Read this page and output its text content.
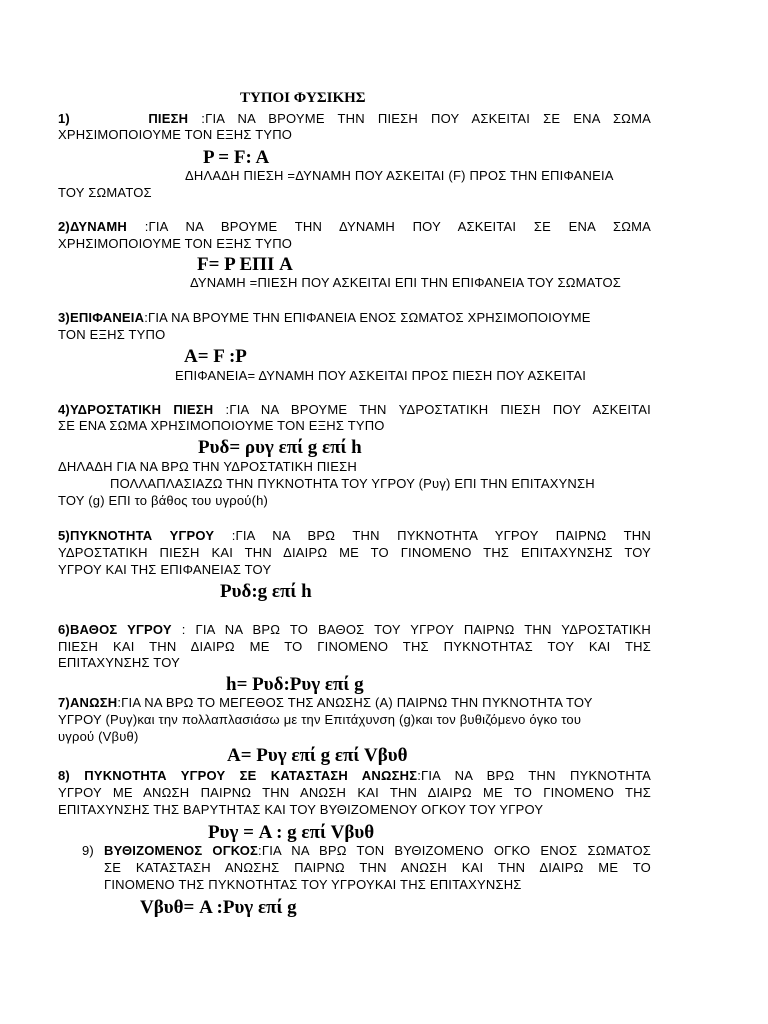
ΤΥΠΟΙ ΦΥΣΙΚΗΣ
1)	ΠΙΕΣΗ :ΓΙΑ ΝΑ ΒΡΟΥΜΕ ΤΗΝ ΠΙΕΣΗ ΠΟΥ ΑΣΚΕΙΤΑΙ ΣΕ ΕΝΑ ΣΩΜΑ
ΧΡΗΣΙΜΟΠΟΙΟΥΜΕ ΤΟΝ ΕΞΗΣ ΤΥΠΟ
P = F: A
ΔΗΛΑΔΗ ΠΙΕΣΗ =ΔΥΝΑΜΗ ΠΟΥ ΑΣΚΕΙΤΑΙ (F) ΠΡΟΣ ΤΗΝ ΕΠΙΦΑΝΕΙΑ
ΤΟΥ ΣΩΜΑΤΟΣ
2)ΔΥΝΑΜΗ :ΓΙΑ ΝΑ ΒΡΟΥΜΕ ΤΗΝ ΔΥΝΑΜΗ ΠΟΥ ΑΣΚΕΙΤΑΙ ΣΕ ΕΝΑ ΣΩΜΑ
ΧΡΗΣΙΜΟΠΟΙΟΥΜΕ ΤΟΝ ΕΞΗΣ ΤΥΠΟ
F= P ΕΠΙ A
ΔΥΝΑΜΗ =ΠΙΕΣΗ ΠΟΥ ΑΣΚΕΙΤΑΙ ΕΠΙ ΤΗΝ ΕΠΙΦΑΝΕΙΑ ΤΟΥ ΣΩΜΑΤΟΣ
3)ΕΠΙΦΑΝΕΙΑ:ΓΙΑ ΝΑ ΒΡΟΥΜΕ ΤΗΝ ΕΠΙΦΑΝΕΙΑ ΕΝΟΣ ΣΩΜΑΤΟΣ ΧΡΗΣΙΜΟΠΟΙΟΥΜΕ
ΤΟΝ ΕΞΗΣ ΤΥΠΟ
A= F :P
ΕΠΙΦΑΝΕΙΑ= ΔΥΝΑΜΗ ΠΟΥ ΑΣΚΕΙΤΑΙ ΠΡΟΣ ΠΙΕΣΗ ΠΟΥ ΑΣΚΕΙΤΑΙ
4)ΥΔΡΟΣΤΑΤΙΚΗ ΠΙΕΣΗ :ΓΙΑ ΝΑ ΒΡΟΥΜΕ ΤΗΝ ΥΔΡΟΣΤΑΤΙΚΗ ΠΙΕΣΗ ΠΟΥ ΑΣΚΕΙΤΑΙ
ΣΕ ΕΝΑ ΣΩΜΑ ΧΡΗΣΙΜΟΠΟΙΟΥΜΕ ΤΟΝ ΕΞΗΣ ΤΥΠΟ
Ρυδ= ρυγ επί g επί h
ΔΗΛΑΔΗ ΓΙΑ ΝΑ ΒΡΩ ΤΗΝ ΥΔΡΟΣΤΑΤΙΚΗ ΠΙΕΣΗ
ΠΟΛΛΑΠΛΑΣΙΑΖΩ ΤΗΝ ΠΥΚΝΟΤΗΤΑ ΤΟΥ ΥΓΡΟΥ (Ρυγ) ΕΠΙ ΤΗΝ ΕΠΙΤΑΧΥΝΣΗ
ΤΟΥ (g) ΕΠΙ το βάθος του υγρού(h)
5)ΠΥΚΝΟΤΗΤΑ ΥΓΡΟΥ :ΓΙΑ ΝΑ ΒΡΩ ΤΗΝ ΠΥΚΝΟΤΗΤΑ ΥΓΡΟΥ ΠΑΙΡΝΩ ΤΗΝ
ΥΔΡΟΣΤΑΤΙΚΗ ΠΙΕΣΗ ΚΑΙ ΤΗΝ ΔΙΑΙΡΩ ΜΕ ΤΟ ΓΙΝΟΜΕΝΟ ΤΗΣ ΕΠΙΤΑΧΥΝΣΗΣ ΤΟΥ
ΥΓΡΟΥ ΚΑΙ ΤΗΣ ΕΠΙΦΑΝΕΙΑΣ ΤΟΥ
Ρυδ:g επί h
6)ΒΑΘΟΣ ΥΓΡΟΥ : ΓΙΑ ΝΑ ΒΡΩ ΤΟ ΒΑΘΟΣ ΤΟΥ ΥΓΡΟΥ ΠΑΙΡΝΩ ΤΗΝ ΥΔΡΟΣΤΑΤΙΚΗ
ΠΙΕΣΗ ΚΑΙ ΤΗΝ ΔΙΑΙΡΩ ΜΕ ΤΟ ΓΙΝΟΜΕΝΟ ΤΗΣ ΠΥΚΝΟΤΗΤΑΣ ΤΟΥ ΚΑΙ ΤΗΣ
ΕΠΙΤΑΧΥΝΣΗΣ ΤΟΥ
h= Ρυδ:Ρυγ επί g
7)ΑΝΩΣΗ:ΓΙΑ ΝΑ ΒΡΩ ΤΟ ΜΕΓΕΘΟΣ ΤΗΣ ΑΝΩΣΗΣ (Α) ΠΑΙΡΝΩ ΤΗΝ ΠΥΚΝΟΤΗΤΑ ΤΟΥ
ΥΓΡΟΥ (Ρυγ)και την πολλαπλασιάσω με την Επιτάχυνση (g)και τον βυθιζόμενο όγκο του
υγρού (Vβυθ)
A= Ρυγ επί g επί Vβυθ
8) ΠΥΚΝΟΤΗΤΑ ΥΓΡΟΥ ΣΕ ΚΑΤΑΣΤΑΣΗ ΑΝΩΣΗΣ:ΓΙΑ ΝΑ ΒΡΩ ΤΗΝ ΠΥΚΝΟΤΗΤΑ
ΥΓΡΟΥ ΜΕ ΑΝΩΣΗ ΠΑΙΡΝΩ ΤΗΝ ΑΝΩΣΗ ΚΑΙ ΤΗΝ ΔΙΑΙΡΩ ΜΕ ΤΟ ΓΙΝΟΜΕΝΟ ΤΗΣ
ΕΠΙΤΑΧΥΝΣΗΣ ΤΗΣ ΒΑΡΥΤΗΤΑΣ ΚΑΙ ΤΟΥ ΒΥΘΙΖΟΜΕΝΟΥ ΟΓΚΟΥ ΤΟΥ ΥΓΡΟΥ
Ρυγ = A : g επί Vβυθ
9) ΒΥΘΙΖΟΜΕΝΟΣ ΟΓΚΟΣ:ΓΙΑ ΝΑ ΒΡΩ ΤΟΝ ΒΥΘΙΖΟΜΕΝΟ ΟΓΚΟ ΕΝΟΣ ΣΩΜΑΤΟΣ
ΣΕ ΚΑΤΑΣΤΑΣΗ ΑΝΩΣΗΣ ΠΑΙΡΝΩ ΤΗΝ ΑΝΩΣΗ ΚΑΙ ΤΗΝ ΔΙΑΙΡΩ ΜΕ ΤΟ
ΓΙΝΟΜΕΝΟ ΤΗΣ ΠΥΚΝΟΤΗΤΑΣ ΤΟΥ ΥΓΡΟΥΚΑΙ ΤΗΣ ΕΠΙΤΑΧΥΝΣΗΣ
Vβυθ= A :Ρυγ επί g
